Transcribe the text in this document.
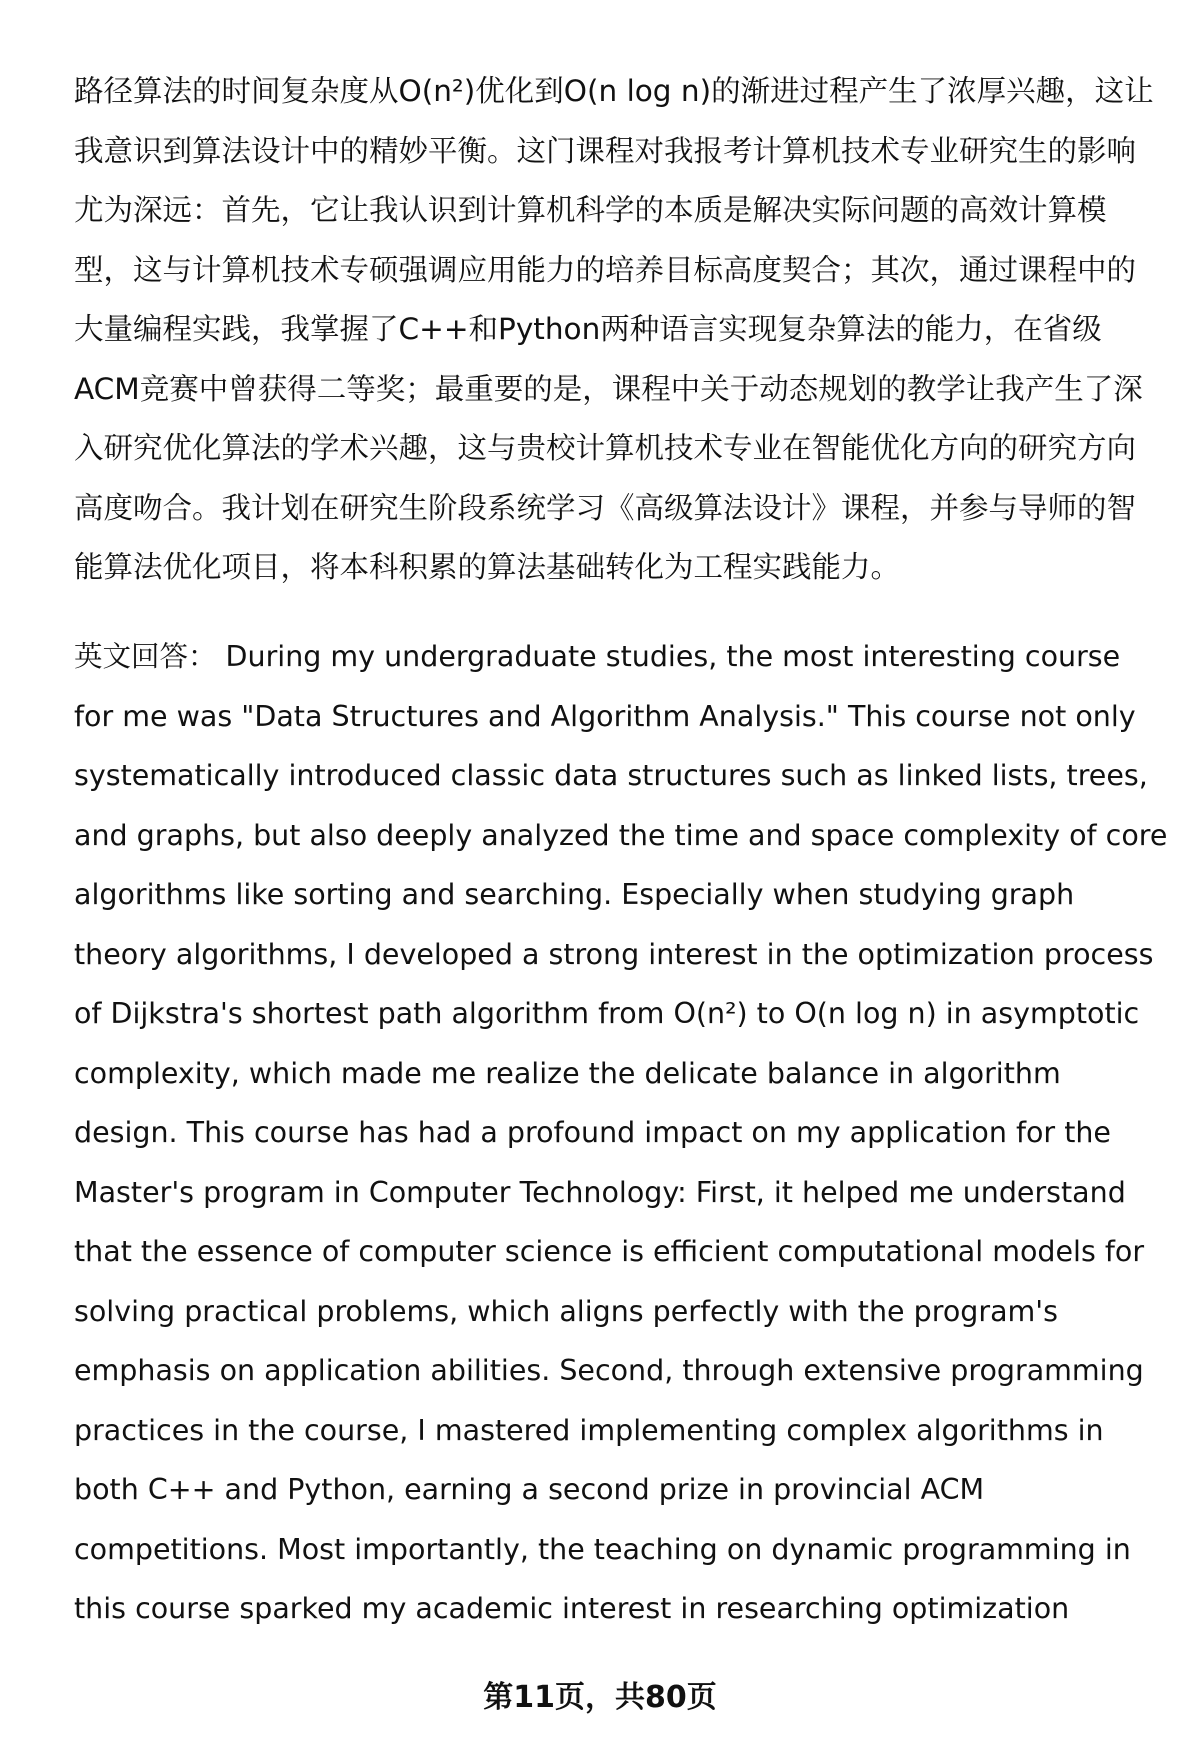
路径算法的时间复杂度从O(n²)优化到O(n log n)的渐进过程产生了浓厚兴趣，这让
我意识到算法设计中的精妙平衡。这门课程对我报考计算机技术专业研究生的影响
尤为深远：首先，它让我认识到计算机科学的本质是解决实际问题的高效计算模
型，这与计算机技术专硕强调应用能力的培养目标高度契合；其次，通过课程中的
大量编程实践，我掌握了C++和Python两种语言实现复杂算法的能力，在省级
ACM竞赛中曾获得二等奖；最重要的是，课程中关于动态规划的教学让我产生了深
入研究优化算法的学术兴趣，这与贵校计算机技术专业在智能优化方向的研究方向
高度吻合。我计划在研究生阶段系统学习《高级算法设计》课程，并参与导师的智
能算法优化项目，将本科积累的算法基础转化为工程实践能力。
英文回答： During my undergraduate studies, the most interesting course
for me was "Data Structures and Algorithm Analysis." This course not only
systematically introduced classic data structures such as linked lists, trees,
and graphs, but also deeply analyzed the time and space complexity of core
algorithms like sorting and searching. Especially when studying graph
theory algorithms, I developed a strong interest in the optimization process
of Dijkstra's shortest path algorithm from O(n²) to O(n log n) in asymptotic
complexity, which made me realize the delicate balance in algorithm
design. This course has had a profound impact on my application for the
Master's program in Computer Technology: First, it helped me understand
that the essence of computer science is efficient computational models for
solving practical problems, which aligns perfectly with the program's
emphasis on application abilities. Second, through extensive programming
practices in the course, I mastered implementing complex algorithms in
both C++ and Python, earning a second prize in provincial ACM
competitions. Most importantly, the teaching on dynamic programming in
this course sparked my academic interest in researching optimization
第11页，共80页
